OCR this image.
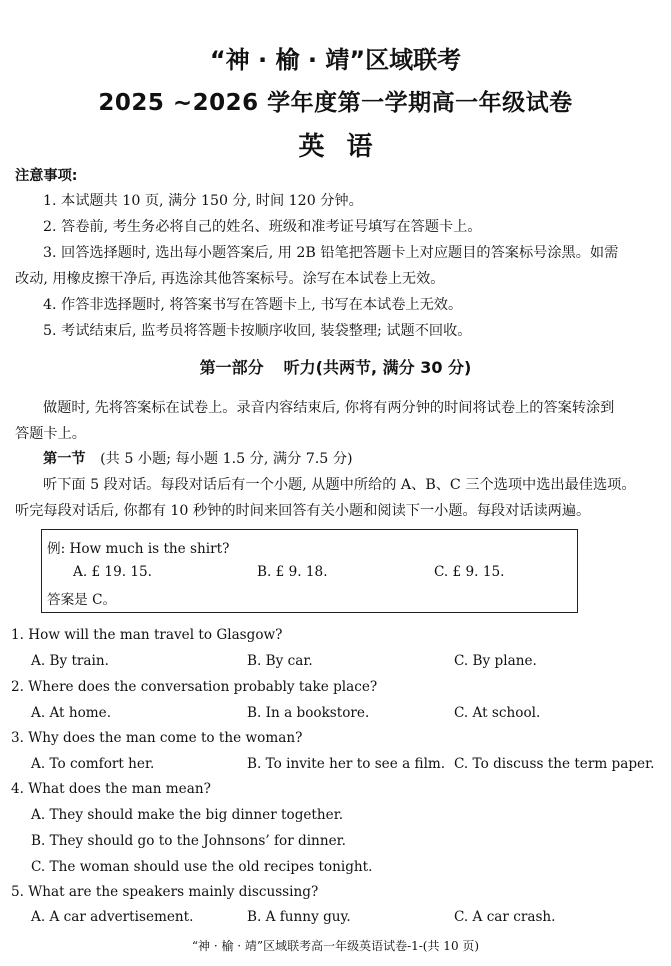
“神 · 榆 · 靖”区域联考
2025 ~2026 学年度第一学期高一年级试卷
英语
注意事项:
1. 本试题共 10 页, 满分 150 分, 时间 120 分钟。
2. 答卷前, 考生务必将自己的姓名、班级和准考证号填写在答题卡上。
3. 回答选择题时, 选出每小题答案后, 用 2B 铅笔把答题卡上对应题目的答案标号涂黑。如需
改动, 用橡皮擦干净后, 再选涂其他答案标号。涂写在本试卷上无效。
4. 作答非选择题时, 将答案书写在答题卡上, 书写在本试卷上无效。
5. 考试结束后, 监考员将答题卡按顺序收回, 装袋整理; 试题不回收。
第一部分 听力(共两节, 满分 30 分)
做题时, 先将答案标在试卷上。录音内容结束后, 你将有两分钟的时间将试卷上的答案转涂到
答题卡上。
第一节 (共 5 小题; 每小题 1.5 分, 满分 7.5 分)
听下面 5 段对话。每段对话后有一个小题, 从题中所给的 A、B、C 三个选项中选出最佳选项。
听完每段对话后, 你都有 10 秒钟的时间来回答有关小题和阅读下一小题。每段对话读两遍。
例: How much is the shirt?
A. £ 19. 15.	B. £ 9. 18.	C. £ 9. 15.
答案是 C。
1. How will the man travel to Glasgow?
A. By train.	B. By car.	C. By plane.
2. Where does the conversation probably take place?
A. At home.	B. In a bookstore.	C. At school.
3. Why does the man come to the woman?
A. To comfort her.	B. To invite her to see a film. C. To discuss the term paper.
4. What does the man mean?
A. They should make the big dinner together.
B. They should go to the Johnsons’ for dinner.
C. The woman should use the old recipes tonight.
5. What are the speakers mainly discussing?
A. A car advertisement.	B. A funny guy.	C. A car crash.
“神 · 榆 · 靖”区域联考高一年级英语试卷-1-(共 10 页)
